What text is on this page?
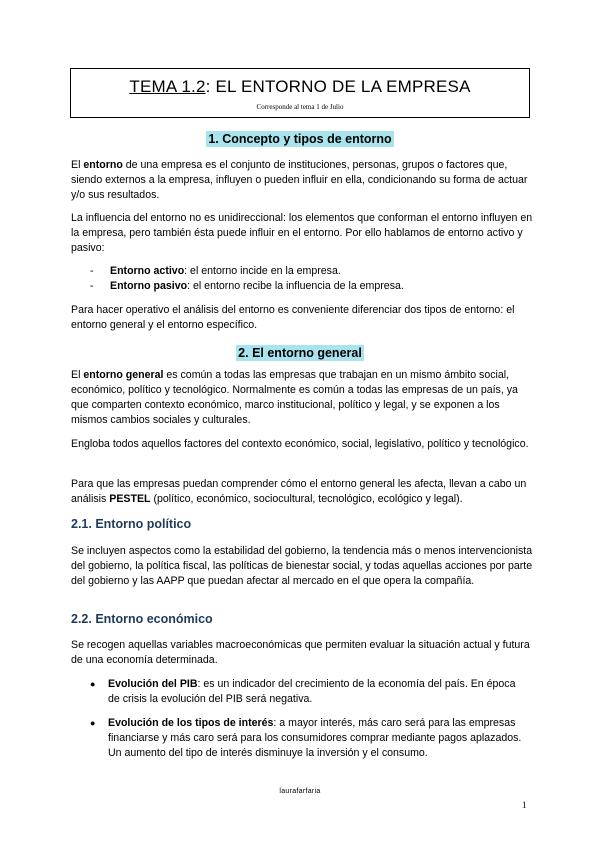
TEMA 1.2: EL ENTORNO DE LA EMPRESA
Corresponde al tema 1 de Julio
1. Concepto y tipos de entorno

El entorno de una empresa es el conjunto de instituciones, personas, grupos o factores que, siendo externos a la empresa, influyen o pueden influir en ella, condicionando su forma de actuar y/o sus resultados.

La influencia del entorno no es unidireccional: los elementos que conforman el entorno influyen en la empresa, pero también ésta puede influir en el entorno. Por ello hablamos de entorno activo y pasivo:

- Entorno activo: el entorno incide en la empresa.
- Entorno pasivo: el entorno recibe la influencia de la empresa.

Para hacer operativo el análisis del entorno es conveniente diferenciar dos tipos de entorno: el entorno general y el entorno específico.

2. El entorno general

El entorno general es común a todas las empresas que trabajan en un mismo ámbito social, económico, político y tecnológico. Normalmente es común a todas las empresas de un país, ya que comparten contexto económico, marco institucional, político y legal, y se exponen a los mismos cambios sociales y culturales.

Engloba todos aquellos factores del contexto económico, social, legislativo, político y tecnológico.

Para que las empresas puedan comprender cómo el entorno general les afecta, llevan a cabo un análisis PESTEL (político, económico, sociocultural, tecnológico, ecológico y legal).

2.1. Entorno político

Se incluyen aspectos como la estabilidad del gobierno, la tendencia más o menos intervencionista del gobierno, la política fiscal, las políticas de bienestar social, y todas aquellas acciones por parte del gobierno y las AAPP que puedan afectar al mercado en el que opera la compañía.

2.2. Entorno económico

Se recogen aquellas variables macroeconómicas que permiten evaluar la situación actual y futura de una economía determinada.

● Evolución del PIB: es un indicador del crecimiento de la economía del país. En época de crisis la evolución del PIB será negativa.
● Evolución de los tipos de interés: a mayor interés, más caro será para las empresas financiarse y más caro será para los consumidores comprar mediante pagos aplazados. Un aumento del tipo de interés disminuye la inversión y el consumo.
laurafarfaria
1
